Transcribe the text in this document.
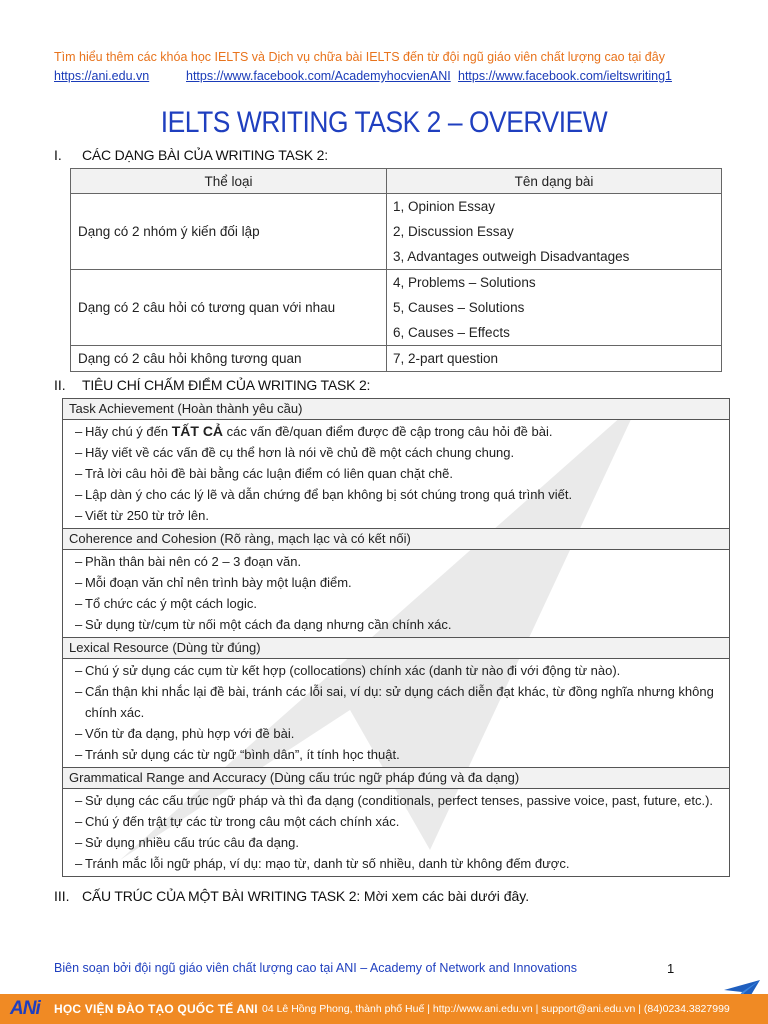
Tìm hiểu thêm các khóa học IELTS và Dịch vụ chữa bài IELTS đến từ đội ngũ giáo viên chất lượng cao tại đây
https://ani.edu.vn	https://www.facebook.com/AcademyhocvienANI https://www.facebook.com/ieltswriting1
IELTS WRITING TASK 2 – OVERVIEW
I. CÁC DẠNG BÀI CỦA WRITING TASK 2:
Thể loại	Tên dạng bài
Dạng có 2 nhóm ý kiến đối lập	1, Opinion Essay
2, Discussion Essay
3, Advantages outweigh Disadvantages

Dạng có 2 câu hỏi có tương quan với nhau	4, Problems – Solutions
5, Causes – Solutions
6, Causes – Effects

Dạng có 2 câu hỏi không tương quan	7, 2-part question
II. TIÊU CHÍ CHẤM ĐIỂM CỦA WRITING TASK 2:
Task Achievement (Hoàn thành yêu cầu)

– Hãy chú ý đến TẤT CẢ các vấn đề/quan điểm được đề cập trong câu hỏi đề bài.
– Hãy viết về các vấn đề cụ thể hơn là nói về chủ đề một cách chung chung.
– Trả lời câu hỏi đề bài bằng các luận điểm có liên quan chặt chẽ.
– Lập dàn ý cho các lý lẽ và dẫn chứng để bạn không bị sót chúng trong quá trình viết.
– Viết từ 250 từ trở lên.

Coherence and Cohesion (Rõ ràng, mạch lạc và có kết nối)

– Phần thân bài nên có 2 – 3 đoạn văn.
– Mỗi đoạn văn chỉ nên trình bày một luận điểm.
– Tổ chức các ý một cách logic.
– Sử dụng từ/cụm từ nối một cách đa dạng nhưng cần chính xác.

Lexical Resource (Dùng từ đúng)

– Chú ý sử dụng các cụm từ kết hợp (collocations) chính xác (danh từ nào đi với động từ nào).
– Cẩn thận khi nhắc lại đề bài, tránh các lỗi sai, ví dụ: sử dụng cách diễn đạt khác, từ đồng nghĩa nhưng không
chính xác.
– Vốn từ đa dạng, phù hợp với đề bài.
– Tránh sử dụng các từ ngữ “bình dân”, ít tính học thuật.

Grammatical Range and Accuracy (Dùng cấu trúc ngữ pháp đúng và đa dạng)

– Sử dụng các cấu trúc ngữ pháp và thì đa dạng (conditionals, perfect tenses, passive voice, past, future, etc.).
– Chú ý đến trật tự các từ trong câu một cách chính xác.
– Sử dụng nhiều cấu trúc câu đa dạng.
– Tránh mắc lỗi ngữ pháp, ví dụ: mạo từ, danh từ số nhiều, danh từ không đếm được.
III. CẤU TRÚC CỦA MỘT BÀI WRITING TASK 2: Mời xem các bài dưới đây.
Biên soạn bởi đội ngũ giáo viên chất lượng cao tại ANI – Academy of Network and Innovations	1
ANi HỌC VIỆN ĐÀO TẠO QUỐC TẾ ANI 04 Lê Hồng Phong, thành phố Huế | http://www.ani.edu.vn | support@ani.edu.vn | (84)0234.3827999
